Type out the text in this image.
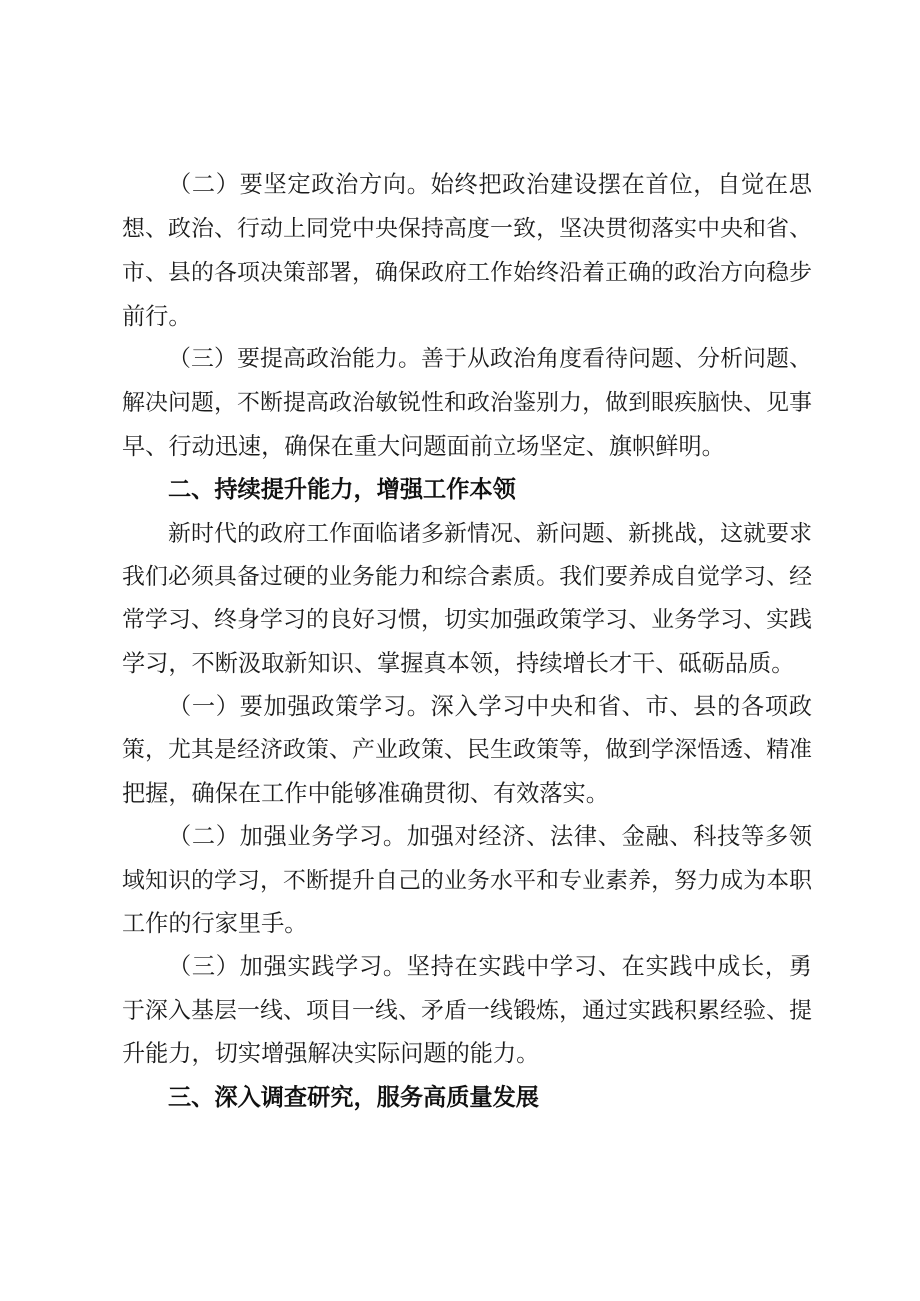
（二）要坚定政治方向。始终把政治建设摆在首位，自觉在思
想、政治、行动上同党中央保持高度一致，坚决贯彻落实中央和省、
市、县的各项决策部署，确保政府工作始终沿着正确的政治方向稳步
前行。
（三）要提高政治能力。善于从政治角度看待问题、分析问题、
解决问题，不断提高政治敏锐性和政治鉴别力，做到眼疾脑快、见事
早、行动迅速，确保在重大问题面前立场坚定、旗帜鲜明。
二、持续提升能力，增强工作本领
新时代的政府工作面临诸多新情况、新问题、新挑战，这就要求
我们必须具备过硬的业务能力和综合素质。我们要养成自觉学习、经
常学习、终身学习的良好习惯，切实加强政策学习、业务学习、实践
学习，不断汲取新知识、掌握真本领，持续增长才干、砥砺品质。
（一）要加强政策学习。深入学习中央和省、市、县的各项政
策，尤其是经济政策、产业政策、民生政策等，做到学深悟透、精准
把握，确保在工作中能够准确贯彻、有效落实。
（二）加强业务学习。加强对经济、法律、金融、科技等多领
域知识的学习，不断提升自己的业务水平和专业素养，努力成为本职
工作的行家里手。
（三）加强实践学习。坚持在实践中学习、在实践中成长，勇
于深入基层一线、项目一线、矛盾一线锻炼，通过实践积累经验、提
升能力，切实增强解决实际问题的能力。
三、深入调查研究，服务高质量发展
